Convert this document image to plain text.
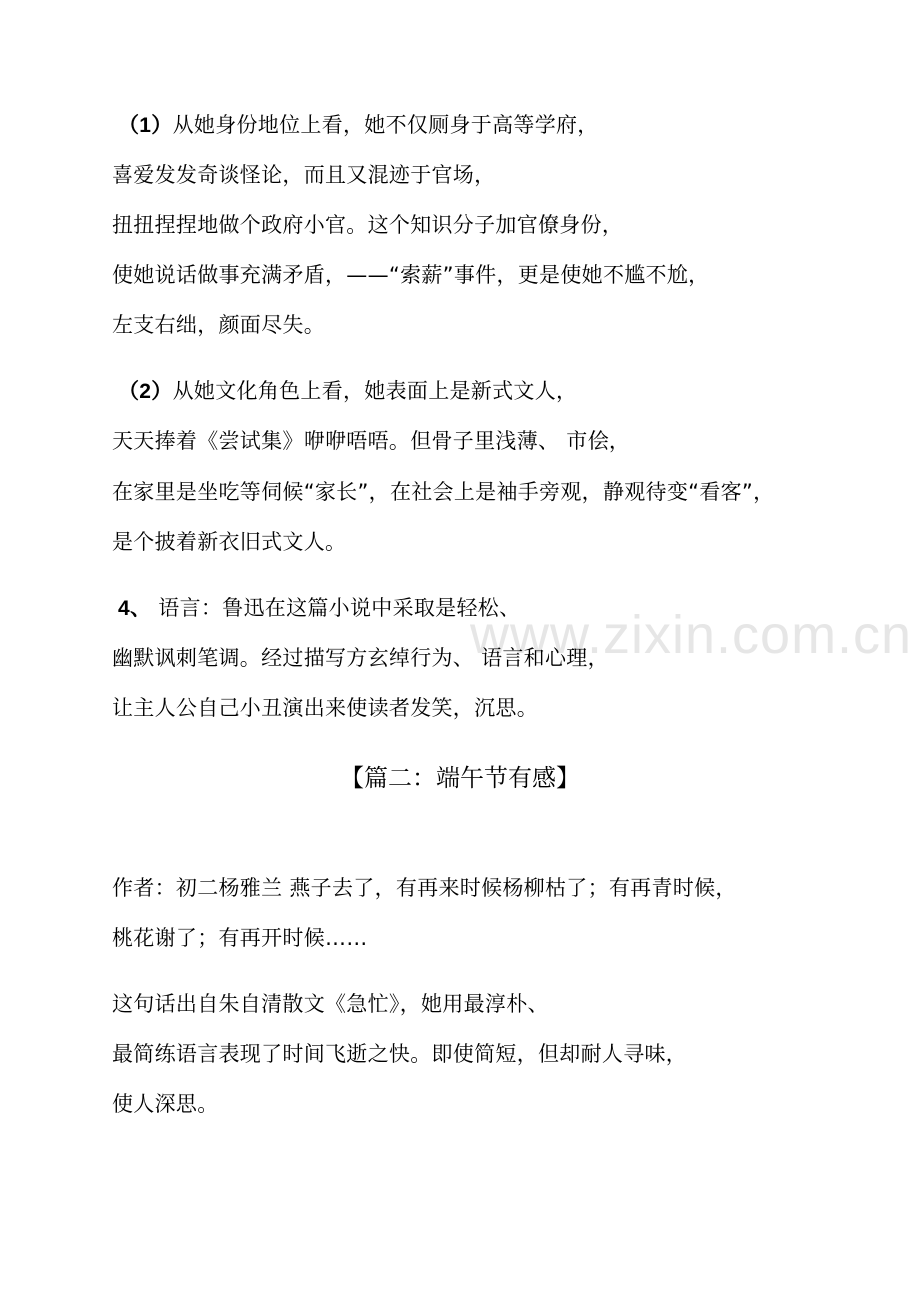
www.zixin.com.cn
（1）从她身份地位上看，她不仅厕身于高等学府，
喜爱发发奇谈怪论，而且又混迹于官场，
扭扭捏捏地做个政府小官。这个知识分子加官僚身份，
使她说话做事充满矛盾，——“索薪”事件，更是使她不尴不尬，
左支右绌，颜面尽失。
（2）从她文化角色上看，她表面上是新式文人，
天天捧着《尝试集》咿咿唔唔。但骨子里浅薄、 市侩，
在家里是坐吃等伺候“家长”，在社会上是袖手旁观，静观待变“看客”，
是个披着新衣旧式文人。
4、 语言：鲁迅在这篇小说中采取是轻松、
幽默讽刺笔调。经过描写方玄绰行为、 语言和心理，
让主人公自己小丑演出来使读者发笑，沉思。
【篇二：端午节有感】
作者：初二杨雅兰 燕子去了，有再来时候杨柳枯了；有再青时候，
桃花谢了；有再开时候……
这句话出自朱自清散文《急忙》，她用最淳朴、
最简练语言表现了时间飞逝之快。即使简短，但却耐人寻味，
使人深思。
